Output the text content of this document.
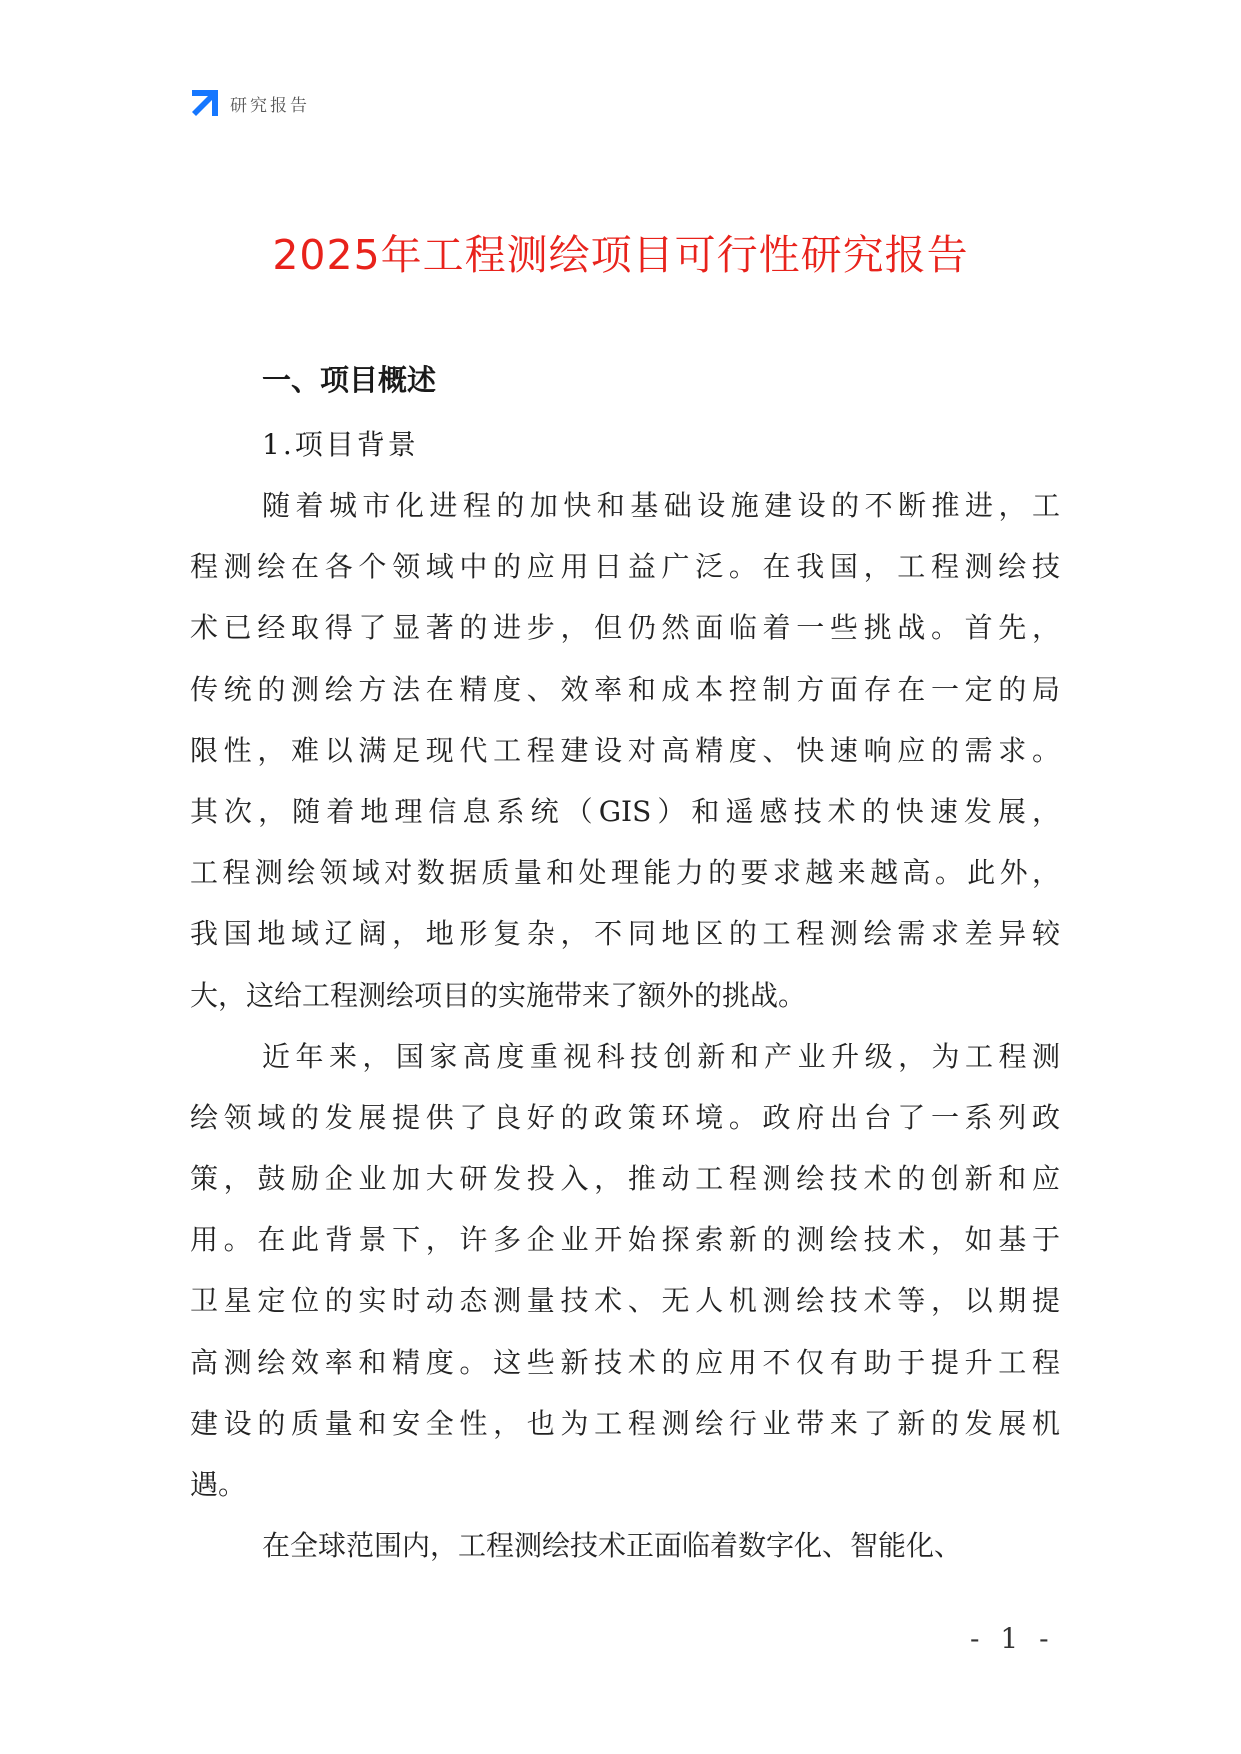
研究报告
2025年工程测绘项目可行性研究报告
一、项目概述
1.项目背景
随着城市化进程的加快和基础设施建设的不断推进，工
程测绘在各个领域中的应用日益广泛。在我国，工程测绘技
术已经取得了显著的进步，但仍然面临着一些挑战。首先，
传统的测绘方法在精度、效率和成本控制方面存在一定的局
限性，难以满足现代工程建设对高精度、快速响应的需求。
其次，随着地理信息系统（GIS）和遥感技术的快速发展，
工程测绘领域对数据质量和处理能力的要求越来越高。此外，
我国地域辽阔，地形复杂，不同地区的工程测绘需求差异较
大，这给工程测绘项目的实施带来了额外的挑战。
近年来，国家高度重视科技创新和产业升级，为工程测
绘领域的发展提供了良好的政策环境。政府出台了一系列政
策，鼓励企业加大研发投入，推动工程测绘技术的创新和应
用。在此背景下，许多企业开始探索新的测绘技术，如基于
卫星定位的实时动态测量技术、无人机测绘技术等，以期提
高测绘效率和精度。这些新技术的应用不仅有助于提升工程
建设的质量和安全性，也为工程测绘行业带来了新的发展机
遇。
在全球范围内，工程测绘技术正面临着数字化、智能化、
- 1 -
